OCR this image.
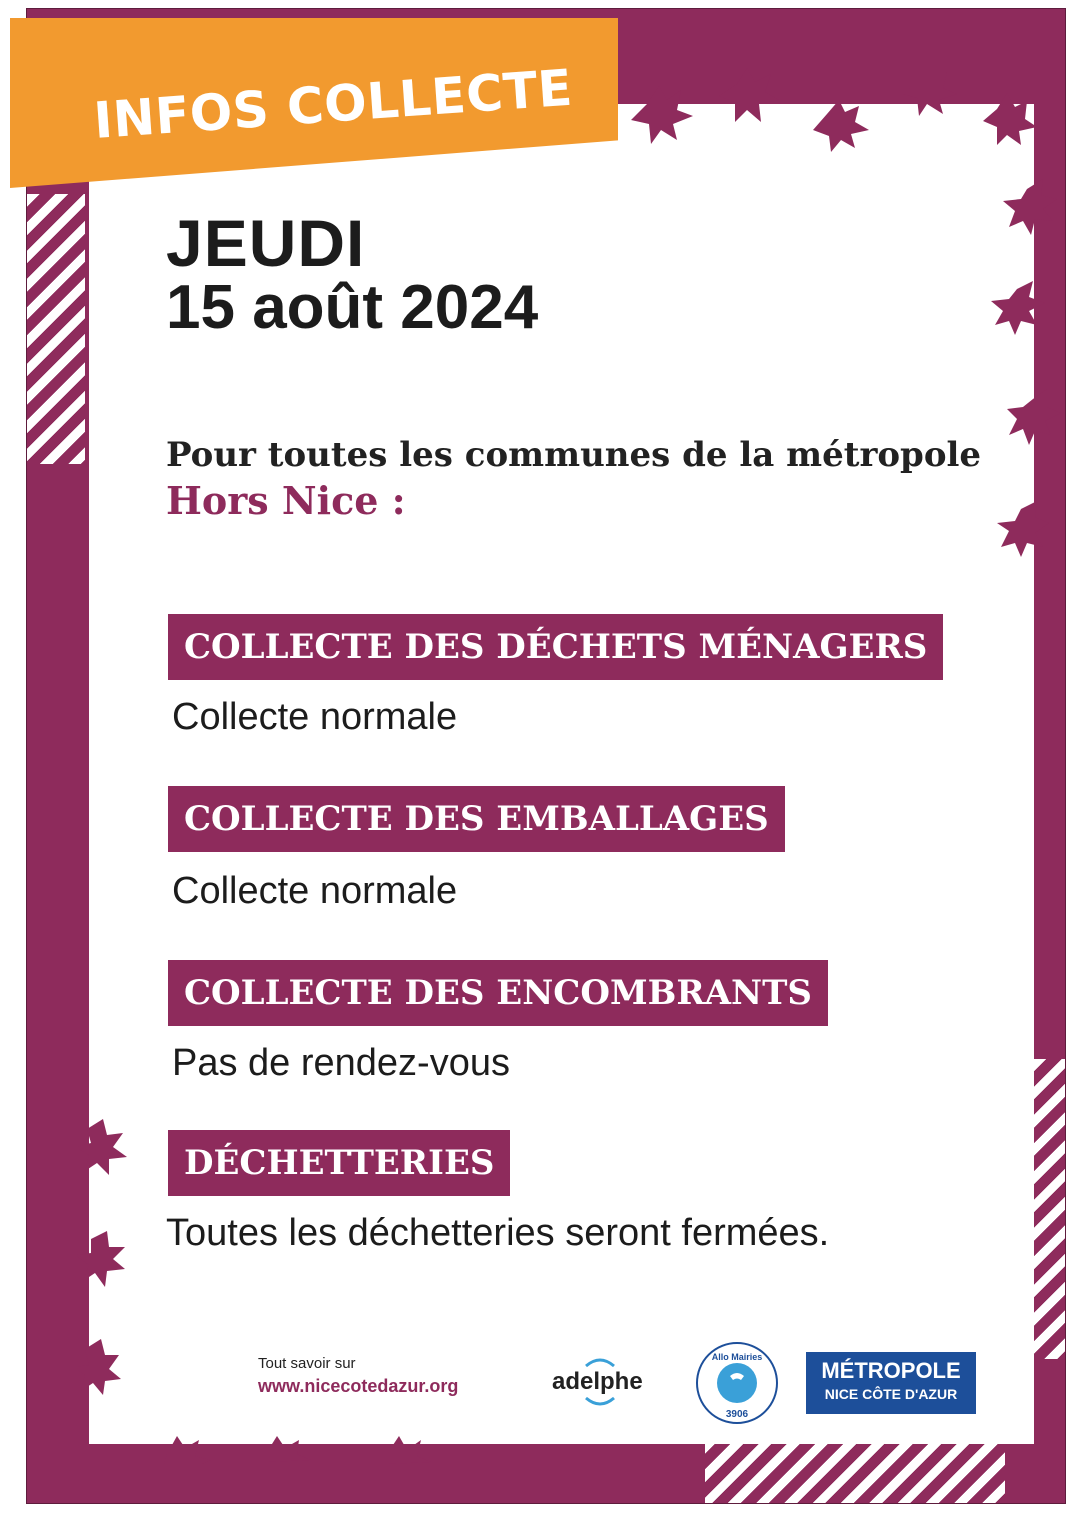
INFOS COLLECTE
JEUDI
15 août 2024
Pour toutes les communes de la métropole
Hors Nice :
COLLECTE DES DÉCHETS MÉNAGERS
Collecte normale
COLLECTE DES EMBALLAGES
Collecte normale
COLLECTE DES ENCOMBRANTS
Pas de rendez-vous
DÉCHETTERIES
Toutes les déchetteries seront fermées.
Tout savoir sur
www.nicecotedazur.org	adelphe
Allo Mairies
3906
MÉTROPOLE
NICE CÔTE D'AZUR
